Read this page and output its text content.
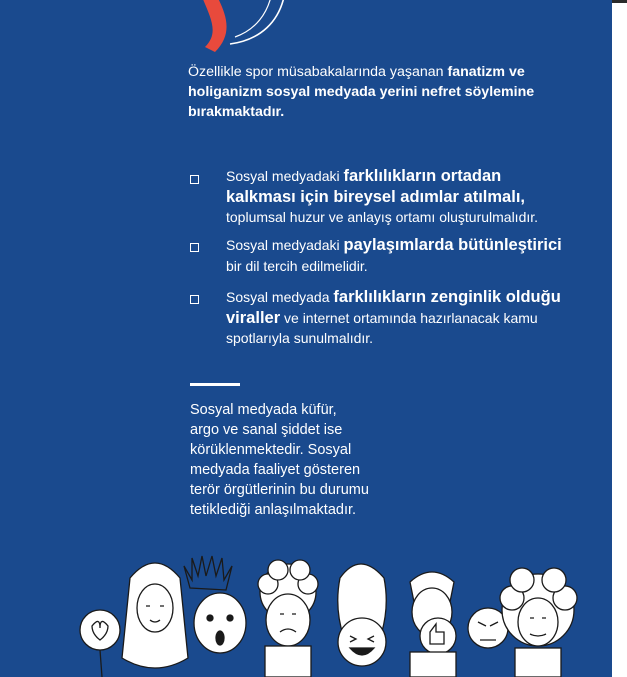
Özellikle spor müsabakalarında yaşanan fanatizm ve
holiganizm sosyal medyada yerini nefret söylemine
bırakmaktadır.
Sosyal medyadaki farklılıkların ortadan
kalkması için bireysel adımlar atılmalı,
toplumsal huzur ve anlayış ortamı oluşturulmalıdır.
Sosyal medyadaki paylaşımlarda bütünleştirici
bir dil tercih edilmelidir.
Sosyal medyada farklılıkların zenginlik olduğu
viraller ve internet ortamında hazırlanacak kamu
spotlarıyla sunulmalıdır.
Sosyal medyada küfür,
argo ve sanal şiddet ise
körüklenmektedir. Sosyal
medyada faaliyet gösteren
terör örgütlerinin bu durumu
tetiklediği anlaşılmaktadır.
